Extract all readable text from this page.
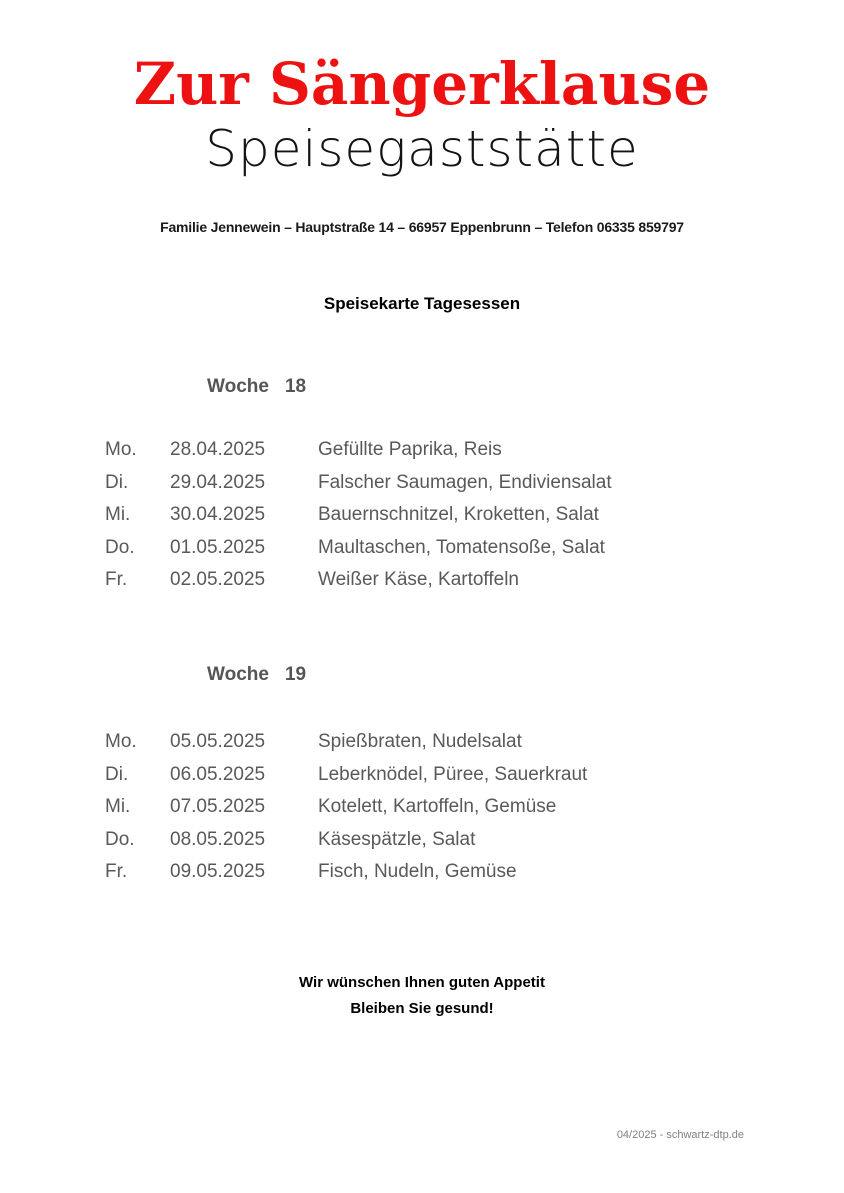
Zur Sängerklause
Speisegaststätte
Familie Jennewein – Hauptstraße 14 – 66957 Eppenbrunn – Telefon 06335 859797
Speisekarte Tagesessen
Woche 18
Mo.	28.04.2025	Gefüllte Paprika, Reis
Di.	29.04.2025	Falscher Saumagen, Endiviensalat
Mi.	30.04.2025	Bauernschnitzel, Kroketten, Salat
Do.	01.05.2025	Maultaschen, Tomatensoße, Salat
Fr.	02.05.2025	Weißer Käse, Kartoffeln
Woche 19
Mo.	05.05.2025	Spießbraten, Nudelsalat
Di.	06.05.2025	Leberknödel, Püree, Sauerkraut
Mi.	07.05.2025	Kotelett, Kartoffeln, Gemüse
Do.	08.05.2025	Käsespätzle, Salat
Fr.	09.05.2025	Fisch, Nudeln, Gemüse
Wir wünschen Ihnen guten Appetit
Bleiben Sie gesund!
04/2025 - schwartz-dtp.de
